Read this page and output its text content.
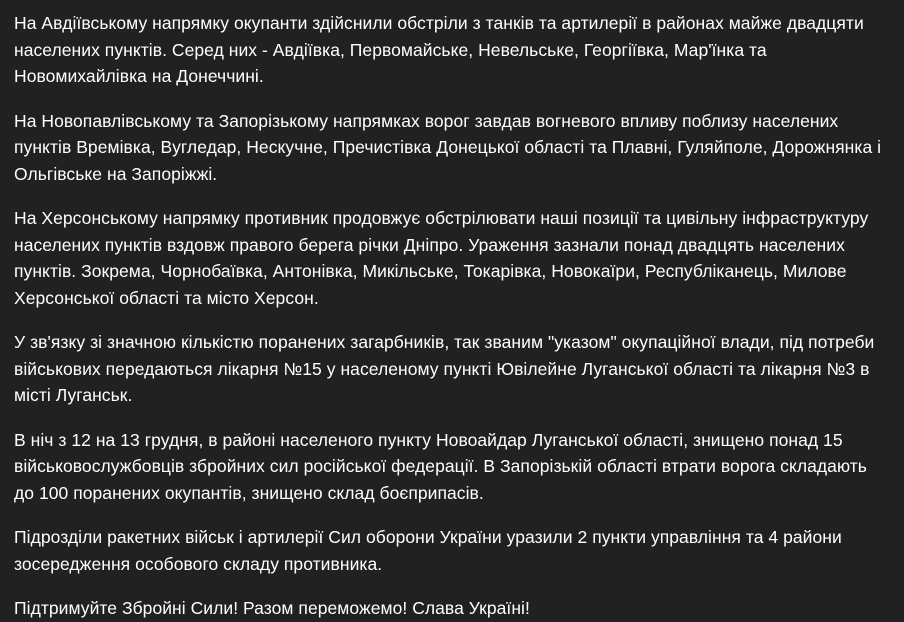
На Авдіївському напрямку окупанти здійснили обстріли з танків та артилерії в районах майже двадцяти населених пунктів. Серед них - Авдіївка, Первомайське, Невельське, Георгіївка, Мар'їнка та Новомихайлівка на Донеччині.

На Новопавлівському та Запорізькому напрямках ворог завдав вогневого впливу поблизу населених пунктів Времівка, Вугледар, Нескучне, Пречистівка Донецької області та Плавні, Гуляйполе, Дорожнянка і Ольгівське на Запоріжжі.

На Херсонському напрямку противник продовжує обстрілювати наші позиції та цивільну інфраструктуру населених пунктів вздовж правого берега річки Дніпро. Ураження зазнали понад двадцять населених пунктів. Зокрема, Чорнобаївка, Антонівка, Микільське, Токарівка, Новокаїри, Республіканець, Милове Херсонської області та місто Херсон.

У зв'язку зі значною кількістю поранених загарбників, так званим "указом" окупаційної влади, під потреби військових передаються лікарня №15 у населеному пункті Ювілейне Луганської області та лікарня №3 в місті Луганськ.

В ніч з 12 на 13 грудня, в районі населеного пункту Новоайдар Луганської області, знищено понад 15 військовослужбовців збройних сил російської федерації. В Запорізькій області втрати ворога складають до 100 поранених окупантів, знищено склад боєприпасів.

Підрозділи ракетних військ і артилерії Сил оборони України уразили 2 пункти управління та 4 райони зосередження особового складу противника.

Підтримуйте Збройні Сили! Разом переможемо! Слава Україні!
